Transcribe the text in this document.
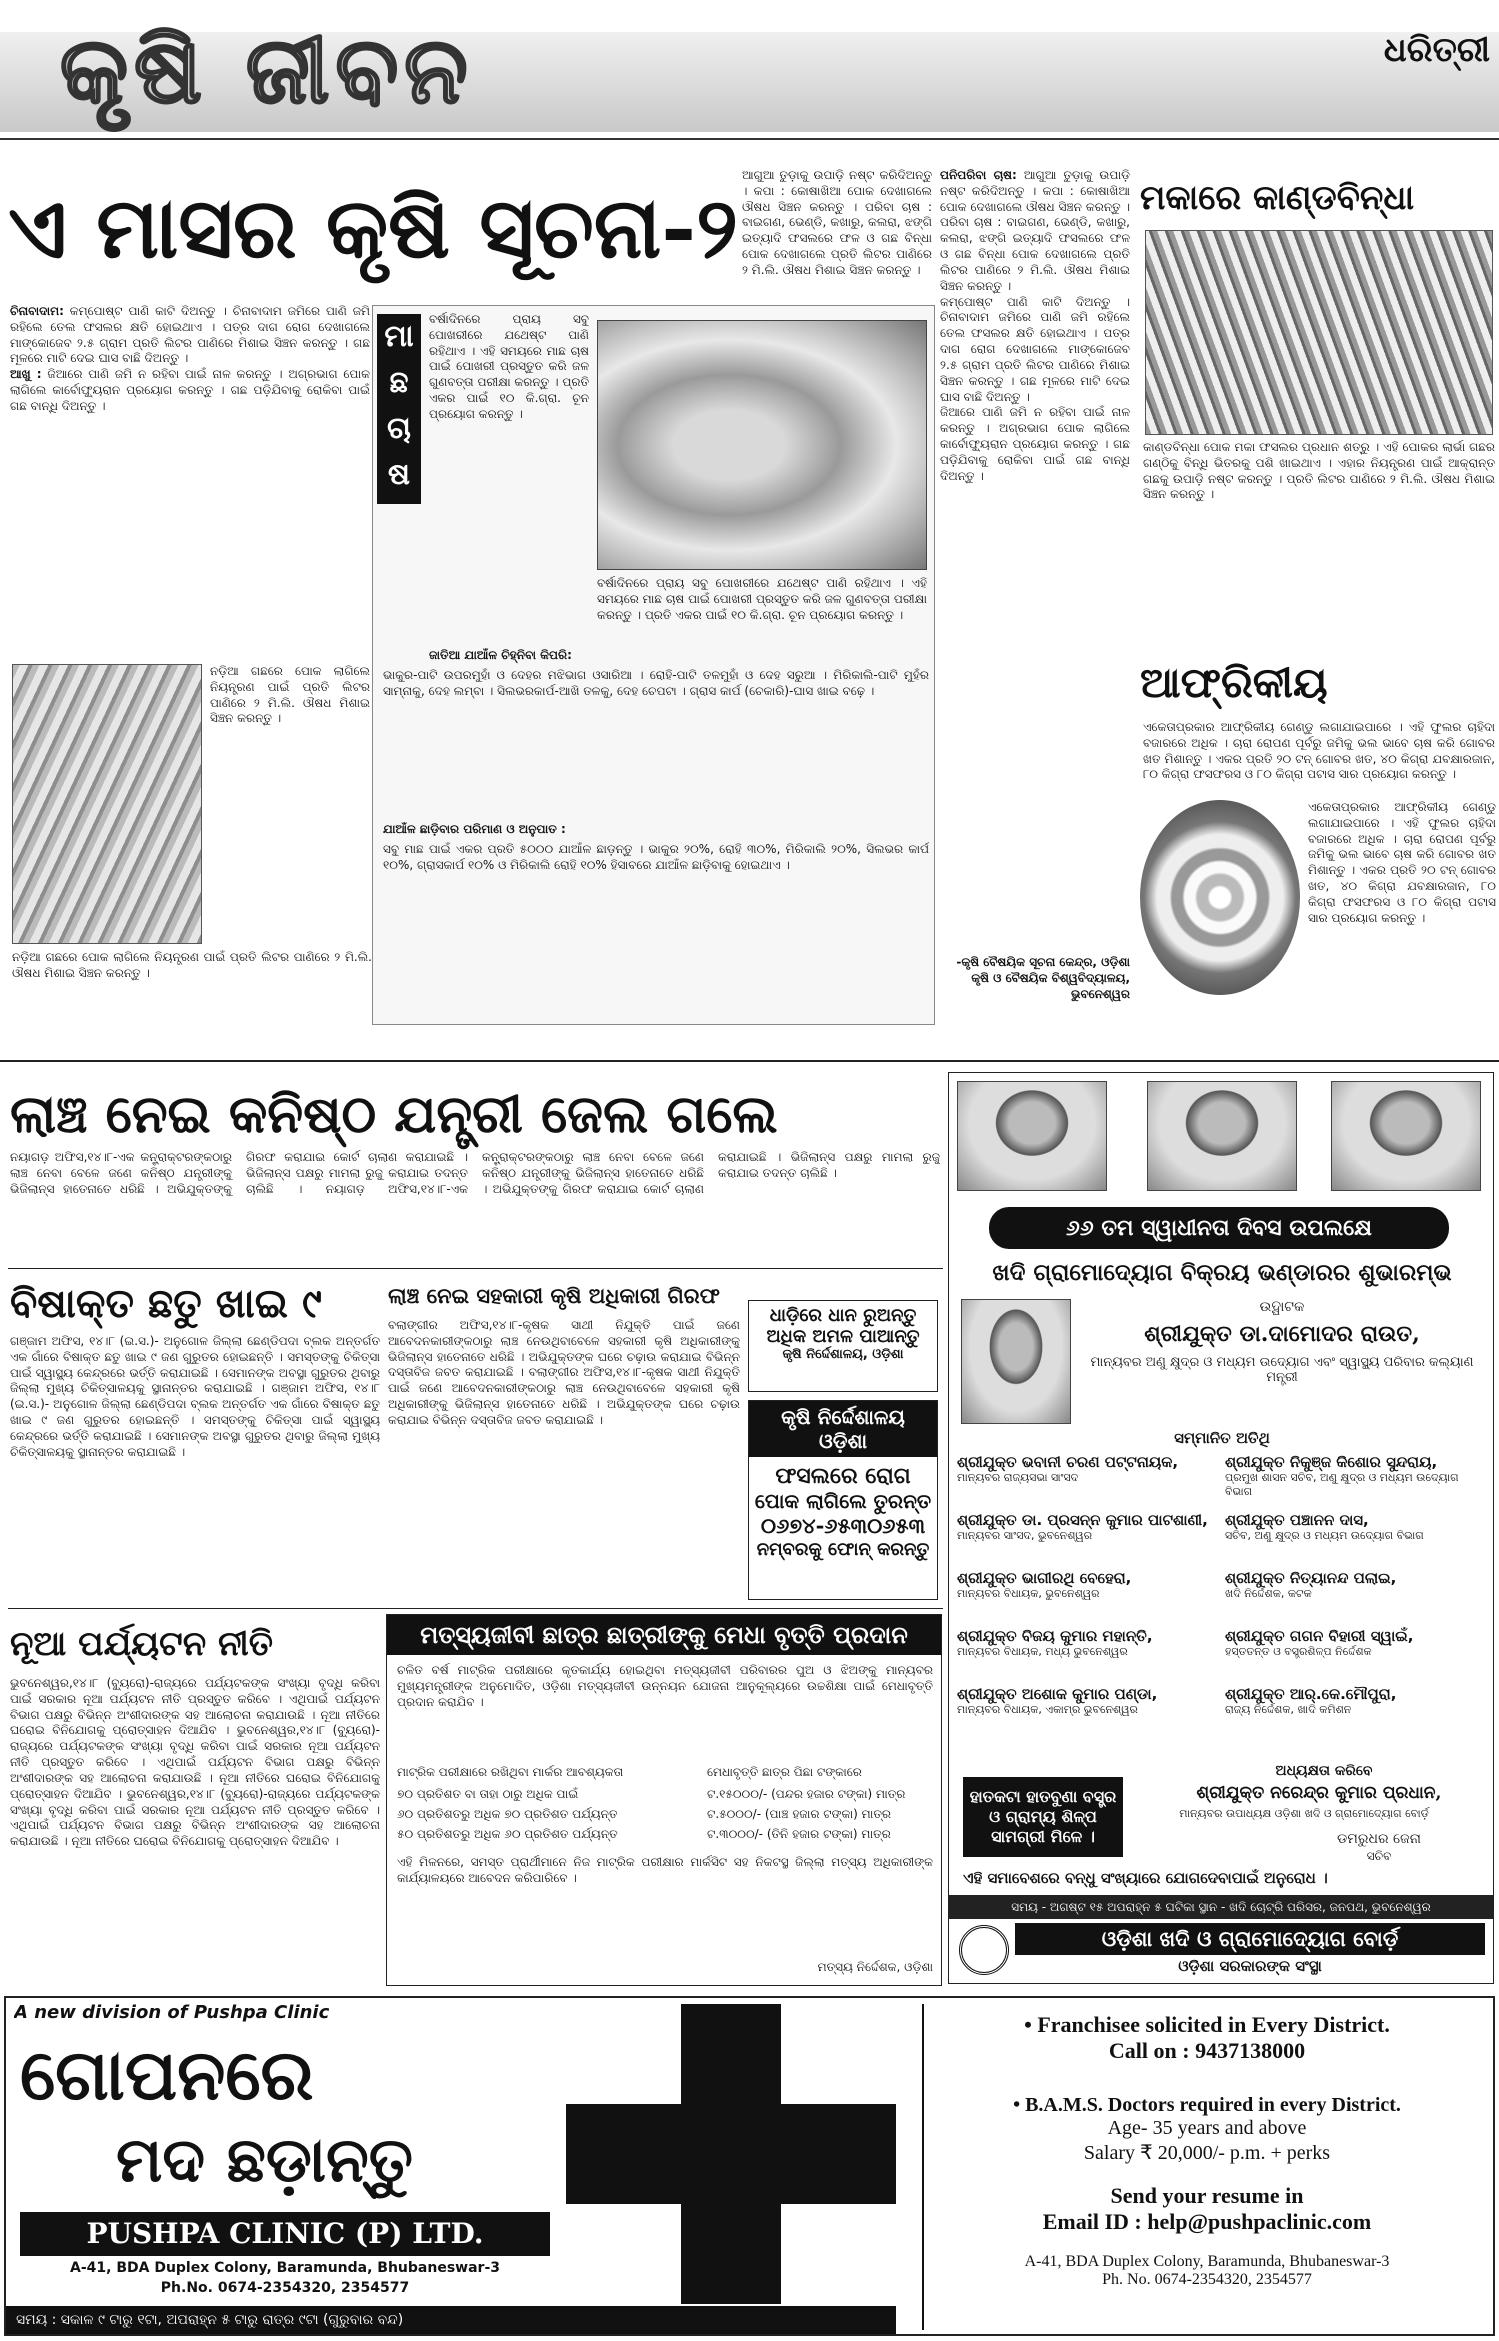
କୃଷି ଜୀବନ	ଧରିତ୍ରୀ
ଏ ମାସର କୃଷି ସୂଚନା-୨
ଚିନାବାଦାମ: କମ୍ପୋଷ୍ଟ ପାଣି କାଟି ଦିଅନ୍ତୁ । ଚିନାବାଦାମ ଜମିରେ ପାଣି ଜମି ରହିଲେ ତେଲ ଫସଲର କ୍ଷତି ହୋଇଥାଏ । ପତ୍ର ଦାଗ ରୋଗ ଦେଖାଗଲେ ମାଙ୍କୋଜେବ ୨.୫ ଗ୍ରାମ ପ୍ରତି ଲିଟର ପାଣିରେ ମିଶାଇ ସିଞ୍ଚନ କରନ୍ତୁ । ଗଛ ମୂଳରେ ମାଟି ଦେଇ ଘାସ ବାଛି ଦିଅନ୍ତୁ ।
ଆଖୁ : ଜିଆରେ ପାଣି ଜମି ନ ରହିବା ପାଇଁ ନାଳ କରନ୍ତୁ । ଅଗ୍ରଭାଗ ପୋକ ଲାଗିଲେ କାର୍ବୋଫ୍ୟୁରାନ ପ୍ରୟୋଗ କରନ୍ତୁ । ଗଛ ପଡ଼ିଯିବାକୁ ରୋକିବା ପାଇଁ ଗଛ ବାନ୍ଧି ଦିଅନ୍ତୁ ।
ନଡ଼ିଆ ଗଛରେ ପୋକ ଲାଗିଲେ ନିୟନ୍ତ୍ରଣ ପାଇଁ ପ୍ରତି ଲିଟର ପାଣିରେ ୨ ମି.ଲି. ଔଷଧ ମିଶାଇ ସିଞ୍ଚନ କରନ୍ତୁ ।
ନଡ଼ିଆ ଗଛରେ ପୋକ ଲାଗିଲେ ନିୟନ୍ତ୍ରଣ ପାଇଁ ପ୍ରତି ଲିଟର ପାଣିରେ ୨ ମି.ଲି. ଔଷଧ ମିଶାଇ ସିଞ୍ଚନ କରନ୍ତୁ ।
ମା
ଛ
ଚା
ଷ
ବର୍ଷାଦିନରେ ପ୍ରାୟ ସବୁ ପୋଖରୀରେ ଯଥେଷ୍ଟ ପାଣି ରହିଥାଏ । ଏହି ସମୟରେ ମାଛ ଚାଷ ପାଇଁ ପୋଖରୀ ପ୍ରସ୍ତୁତ କରି ଜଳ ଗୁଣବତ୍ତା ପରୀକ୍ଷା କରନ୍ତୁ । ପ୍ରତି ଏକର ପାଇଁ ୧୦ କି.ଗ୍ରା. ଚୂନ ପ୍ରୟୋଗ କରନ୍ତୁ ।
ବର୍ଷାଦିନରେ ପ୍ରାୟ ସବୁ ପୋଖରୀରେ ଯଥେଷ୍ଟ ପାଣି ରହିଥାଏ । ଏହି ସମୟରେ ମାଛ ଚାଷ ପାଇଁ ପୋଖରୀ ପ୍ରସ୍ତୁତ କରି ଜଳ ଗୁଣବତ୍ତା ପରୀକ୍ଷା କରନ୍ତୁ । ପ୍ରତି ଏକର ପାଇଁ ୧୦ କି.ଗ୍ରା. ଚୂନ ପ୍ରୟୋଗ କରନ୍ତୁ ।
ଜାତିଆ ଯାଆଁଳ ଚିହ୍ନିବା କିପରି:
ଭାକୁର-ପାଟି ଉପରମୁହାଁ ଓ ଦେହର ମଝିଭାଗ ଓସାରିଆ । ରୋହି-ପାଟି ତଳମୁହାଁ ଓ ଦେହ ସରୁଆ । ମିରିକାଲି-ପାଟି ମୁହଁର ସାମ୍ନାକୁ, ଦେହ ଲମ୍ବା । ସିଲଭରକାର୍ପ-ଆଖି ତଳକୁ, ଦେହ ଚେପଟା । ଗ୍ରାସ କାର୍ପ (ଚେକାରି)-ଘାସ ଖାଇ ବଢ଼େ ।
ଯାଆଁଳ ଛାଡ଼ିବାର ପରିମାଣ ଓ ଅନୁପାତ :
ସବୁ ମାଛ ପାଇଁ ଏକର ପ୍ରତି ୫୦୦୦ ଯାଆଁଳ ଛାଡ଼ନ୍ତୁ । ଭାକୁର ୨୦%, ରୋହି ୩୦%, ମିରିକାଲି ୨୦%, ସିଲଭର କାର୍ପ ୧୦%, ଗ୍ରାସକାର୍ପ ୧୦% ଓ ମିରିକାଲି ରୋହି ୧୦% ହିସାବରେ ଯାଆଁଳ ଛାଡ଼ିବାକୁ ହୋଇଥାଏ ।
ଆଗୁଆ ତୁଡ଼ାକୁ ଉପାଡ଼ି ନଷ୍ଟ କରିଦିଅନ୍ତୁ । କପା : କୋଷାଖିଆ ପୋକ ଦେଖାଗଲେ ଔଷଧ ସିଞ୍ଚନ କରନ୍ତୁ । ପରିବା ଚାଷ : ବାଇଗଣ, ଭେଣ୍ଡି, କଖାରୁ, କଲରା, ଝଙ୍ଗି ଇତ୍ୟାଦି ଫସଲରେ ଫଳ ଓ ଗଛ ବିନ୍ଧା ପୋକ ଦେଖାଗଲେ ପ୍ରତି ଲିଟର ପାଣିରେ ୨ ମି.ଲି. ଔଷଧ ମିଶାଇ ସିଞ୍ଚନ କରନ୍ତୁ ।
ପନିପରିବା ଚାଷ: ଆଗୁଆ ତୁଡ଼ାକୁ ଉପାଡ଼ି ନଷ୍ଟ କରିଦିଅନ୍ତୁ । କପା : କୋଷାଖିଆ ପୋକ ଦେଖାଗଲେ ଔଷଧ ସିଞ୍ଚନ କରନ୍ତୁ । ପରିବା ଚାଷ : ବାଇଗଣ, ଭେଣ୍ଡି, କଖାରୁ, କଲରା, ଝଙ୍ଗି ଇତ୍ୟାଦି ଫସଲରେ ଫଳ ଓ ଗଛ ବିନ୍ଧା ପୋକ ଦେଖାଗଲେ ପ୍ରତି ଲିଟର ପାଣିରେ ୨ ମି.ଲି. ଔଷଧ ମିଶାଇ ସିଞ୍ଚନ କରନ୍ତୁ ।
କମ୍ପୋଷ୍ଟ ପାଣି କାଟି ଦିଅନ୍ତୁ । ଚିନାବାଦାମ ଜମିରେ ପାଣି ଜମି ରହିଲେ ତେଲ ଫସଲର କ୍ଷତି ହୋଇଥାଏ । ପତ୍ର ଦାଗ ରୋଗ ଦେଖାଗଲେ ମାଙ୍କୋଜେବ ୨.୫ ଗ୍ରାମ ପ୍ରତି ଲିଟର ପାଣିରେ ମିଶାଇ ସିଞ୍ଚନ କରନ୍ତୁ । ଗଛ ମୂଳରେ ମାଟି ଦେଇ ଘାସ ବାଛି ଦିଅନ୍ତୁ ।
ଜିଆରେ ପାଣି ଜମି ନ ରହିବା ପାଇଁ ନାଳ କରନ୍ତୁ । ଅଗ୍ରଭାଗ ପୋକ ଲାଗିଲେ କାର୍ବୋଫ୍ୟୁରାନ ପ୍ରୟୋଗ କରନ୍ତୁ । ଗଛ ପଡ଼ିଯିବାକୁ ରୋକିବା ପାଇଁ ଗଛ ବାନ୍ଧି ଦିଅନ୍ତୁ ।
-କୃଷି ବୈଷୟିକ ସୂଚନା କେନ୍ଦ୍ର, ଓଡ଼ିଶା କୃଷି ଓ ବୈଷୟିକ ବିଶ୍ୱବିଦ୍ୟାଳୟ, ଭୁବନେଶ୍ୱର
ମକାରେ କାଣ୍ଡବିନ୍ଧା
କାଣ୍ଡବିନ୍ଧା ପୋକ ମକା ଫସଲର ପ୍ରଧାନ ଶତ୍ରୁ । ଏହି ପୋକର ଲାର୍ଭା ଗଛର ଗଣ୍ଠିକୁ ବିନ୍ଧି ଭିତରକୁ ପଶି ଖାଇଥାଏ । ଏହାର ନିୟନ୍ତ୍ରଣ ପାଇଁ ଆକ୍ରାନ୍ତ ଗଛକୁ ଉପାଡ଼ି ନଷ୍ଟ କରନ୍ତୁ । ପ୍ରତି ଲିଟର ପାଣିରେ ୨ ମି.ଲି. ଔଷଧ ମିଶାଇ ସିଞ୍ଚନ କରନ୍ତୁ ।
ଆଫ୍ରିକୀୟ
ଏକେତାପ୍ରକାର ଆଫ୍ରିକୀୟ ଗେଣ୍ଡୁ ଲଗାଯାଇପାରେ । ଏହି ଫୁଲର ଚାହିଦା ବଜାରରେ ଅଧିକ । ଚାରା ରୋପଣ ପୂର୍ବରୁ ଜମିକୁ ଭଲ ଭାବେ ଚାଷ କରି ଗୋବର ଖତ ମିଶାନ୍ତୁ । ଏକର ପ୍ରତି ୨୦ ଟନ୍ ଗୋବର ଖତ, ୪୦ କିଗ୍ରା ଯବକ୍ଷାରଜାନ, ୮୦ କିଗ୍ରା ଫସଫରସ ଓ ୮୦ କିଗ୍ରା ପଟାସ ସାର ପ୍ରୟୋଗ କରନ୍ତୁ ।
ଏକେତାପ୍ରକାର ଆଫ୍ରିକୀୟ ଗେଣ୍ଡୁ ଲଗାଯାଇପାରେ । ଏହି ଫୁଲର ଚାହିଦା ବଜାରରେ ଅଧିକ । ଚାରା ରୋପଣ ପୂର୍ବରୁ ଜମିକୁ ଭଲ ଭାବେ ଚାଷ କରି ଗୋବର ଖତ ମିଶାନ୍ତୁ । ଏକର ପ୍ରତି ୨୦ ଟନ୍ ଗୋବର ଖତ, ୪୦ କିଗ୍ରା ଯବକ୍ଷାରଜାନ, ୮୦ କିଗ୍ରା ଫସଫରସ ଓ ୮୦ କିଗ୍ରା ପଟାସ ସାର ପ୍ରୟୋଗ କରନ୍ତୁ ।
ଲାଞ୍ଚ ନେଇ କନିଷ୍ଠ ଯନ୍ତ୍ରୀ ଜେଲ ଗଲେ
ନୟାଗଡ଼ ଅଫିସ,୧୪।୮-ଏକ କନ୍ଟ୍ରାକ୍ଟରଙ୍କଠାରୁ ଲାଞ୍ଚ ନେବା ବେଳେ ଜଣେ କନିଷ୍ଠ ଯନ୍ତ୍ରୀଙ୍କୁ ଭିଜିଲାନ୍ସ ହାତେନାତେ ଧରିଛି । ଅଭିଯୁକ୍ତଙ୍କୁ ଗିରଫ କରାଯାଇ କୋର୍ଟ ଚାଲାଣ କରାଯାଇଛି । ଭିଜିଲାନ୍ସ ପକ୍ଷରୁ ମାମଲା ରୁଜୁ କରାଯାଇ ତଦନ୍ତ ଚାଲିଛି । ନୟାଗଡ଼ ଅଫିସ,୧୪।୮-ଏକ କନ୍ଟ୍ରାକ୍ଟରଙ୍କଠାରୁ ଲାଞ୍ଚ ନେବା ବେଳେ ଜଣେ କନିଷ୍ଠ ଯନ୍ତ୍ରୀଙ୍କୁ ଭିଜିଲାନ୍ସ ହାତେନାତେ ଧରିଛି । ଅଭିଯୁକ୍ତଙ୍କୁ ଗିରଫ କରାଯାଇ କୋର୍ଟ ଚାଲାଣ କରାଯାଇଛି । ଭିଜିଲାନ୍ସ ପକ୍ଷରୁ ମାମଲା ରୁଜୁ କରାଯାଇ ତଦନ୍ତ ଚାଲିଛି ।
ବିଷାକ୍ତ ଛତୁ ଖାଇ ୯
ଗଞ୍ଜାମ ଅଫିସ, ୧୪।୮ (ଇ.ସ.)- ଅନୁଗୋଳ ଜିଲ୍ଲା ଛେଣ୍ଡିପଦା ବ୍ଲକ ଅନ୍ତର୍ଗତ ଏକ ଗାଁରେ ବିଷାକ୍ତ ଛତୁ ଖାଇ ୯ ଜଣ ଗୁରୁତର ହୋଇଛନ୍ତି । ସମସ୍ତଙ୍କୁ ଚିକିତ୍ସା ପାଇଁ ସ୍ୱାସ୍ଥ୍ୟ କେନ୍ଦ୍ରରେ ଭର୍ତ୍ତି କରାଯାଇଛି । ସେମାନଙ୍କ ଅବସ୍ଥା ଗୁରୁତର ଥିବାରୁ ଜିଲ୍ଲା ମୁଖ୍ୟ ଚିକିତ୍ସାଳୟକୁ ସ୍ଥାନାନ୍ତର କରାଯାଇଛି । ଗଞ୍ଜାମ ଅଫିସ, ୧୪।୮ (ଇ.ସ.)- ଅନୁଗୋଳ ଜିଲ୍ଲା ଛେଣ୍ଡିପଦା ବ୍ଲକ ଅନ୍ତର୍ଗତ ଏକ ଗାଁରେ ବିଷାକ୍ତ ଛତୁ ଖାଇ ୯ ଜଣ ଗୁରୁତର ହୋଇଛନ୍ତି । ସମସ୍ତଙ୍କୁ ଚିକିତ୍ସା ପାଇଁ ସ୍ୱାସ୍ଥ୍ୟ କେନ୍ଦ୍ରରେ ଭର୍ତ୍ତି କରାଯାଇଛି । ସେମାନଙ୍କ ଅବସ୍ଥା ଗୁରୁତର ଥିବାରୁ ଜିଲ୍ଲା ମୁଖ୍ୟ ଚିକିତ୍ସାଳୟକୁ ସ୍ଥାନାନ୍ତର କରାଯାଇଛି ।
ଲାଞ୍ଚ ନେଇ ସହକାରୀ କୃଷି ଅଧିକାରୀ ଗିରଫ
ବଲାଙ୍ଗୀର ଅଫିସ,୧୪।୮-କୃଷକ ସାଥୀ ନିଯୁକ୍ତି ପାଇଁ ଜଣେ ଆବେଦନକାରୀଙ୍କଠାରୁ ଲାଞ୍ଚ ନେଉଥିବାବେଳେ ସହକାରୀ କୃଷି ଅଧିକାରୀଙ୍କୁ ଭିଜିଲାନ୍ସ ହାତେନାତେ ଧରିଛି । ଅଭିଯୁକ୍ତଙ୍କ ଘରେ ଚଢ଼ାଉ କରାଯାଇ ବିଭିନ୍ନ ଦସ୍ତାବିଜ ଜବତ କରାଯାଇଛି । ବଲାଙ୍ଗୀର ଅଫିସ,୧୪।୮-କୃଷକ ସାଥୀ ନିଯୁକ୍ତି ପାଇଁ ଜଣେ ଆବେଦନକାରୀଙ୍କଠାରୁ ଲାଞ୍ଚ ନେଉଥିବାବେଳେ ସହକାରୀ କୃଷି ଅଧିକାରୀଙ୍କୁ ଭିଜିଲାନ୍ସ ହାତେନାତେ ଧରିଛି । ଅଭିଯୁକ୍ତଙ୍କ ଘରେ ଚଢ଼ାଉ କରାଯାଇ ବିଭିନ୍ନ ଦସ୍ତାବିଜ ଜବତ କରାଯାଇଛି ।
ଧାଡ଼ିରେ ଧାନ ରୁଅନ୍ତୁ
ଅଧିକ ଅମଳ ପାଆନ୍ତୁ
କୃଷି ନିର୍ଦ୍ଦେଶାଳୟ, ଓଡ଼ିଶା
କୃଷି ନିର୍ଦ୍ଦେଶାଳୟ
ଓଡ଼ିଶା
ଫସଲରେ ରୋଗ
ପୋକ ଲାଗିଲେ ତୁରନ୍ତ
୦୬୭୪-୬୫୩୦୬୫୩
ନମ୍ବରକୁ ଫୋନ୍ କରନ୍ତୁ
ନୂଆ ପର୍ଯ୍ୟଟନ ନୀତି
ଭୁବନେଶ୍ୱର,୧୪।୮ (ବ୍ୟୁରୋ)-ରାଜ୍ୟରେ ପର୍ଯ୍ୟଟକଙ୍କ ସଂଖ୍ୟା ବୃଦ୍ଧି କରିବା ପାଇଁ ସରକାର ନୂଆ ପର୍ଯ୍ୟଟନ ନୀତି ପ୍ରସ୍ତୁତ କରିବେ । ଏଥିପାଇଁ ପର୍ଯ୍ୟଟନ ବିଭାଗ ପକ୍ଷରୁ ବିଭିନ୍ନ ଅଂଶୀଦାରଙ୍କ ସହ ଆଲୋଚନା କରାଯାଉଛି । ନୂଆ ନୀତିରେ ଘରୋଇ ବିନିଯୋଗକୁ ପ୍ରୋତ୍ସାହନ ଦିଆଯିବ । ଭୁବନେଶ୍ୱର,୧୪।୮ (ବ୍ୟୁରୋ)-ରାଜ୍ୟରେ ପର୍ଯ୍ୟଟକଙ୍କ ସଂଖ୍ୟା ବୃଦ୍ଧି କରିବା ପାଇଁ ସରକାର ନୂଆ ପର୍ଯ୍ୟଟନ ନୀତି ପ୍ରସ୍ତୁତ କରିବେ । ଏଥିପାଇଁ ପର୍ଯ୍ୟଟନ ବିଭାଗ ପକ୍ଷରୁ ବିଭିନ୍ନ ଅଂଶୀଦାରଙ୍କ ସହ ଆଲୋଚନା କରାଯାଉଛି । ନୂଆ ନୀତିରେ ଘରୋଇ ବିନିଯୋଗକୁ ପ୍ରୋତ୍ସାହନ ଦିଆଯିବ । ଭୁବନେଶ୍ୱର,୧୪।୮ (ବ୍ୟୁରୋ)-ରାଜ୍ୟରେ ପର୍ଯ୍ୟଟକଙ୍କ ସଂଖ୍ୟା ବୃଦ୍ଧି କରିବା ପାଇଁ ସରକାର ନୂଆ ପର୍ଯ୍ୟଟନ ନୀତି ପ୍ରସ୍ତୁତ କରିବେ । ଏଥିପାଇଁ ପର୍ଯ୍ୟଟନ ବିଭାଗ ପକ୍ଷରୁ ବିଭିନ୍ନ ଅଂଶୀଦାରଙ୍କ ସହ ଆଲୋଚନା କରାଯାଉଛି । ନୂଆ ନୀତିରେ ଘରୋଇ ବିନିଯୋଗକୁ ପ୍ରୋତ୍ସାହନ ଦିଆଯିବ ।
ମତ୍ସ୍ୟଜୀବୀ ଛାତ୍ର ଛାତ୍ରୀଙ୍କୁ ମେଧା ବୃତ୍ତି ପ୍ରଦାନ
ଚଳିତ ବର୍ଷ ମାଟ୍ରିକ ପରୀକ୍ଷାରେ କୃତକାର୍ଯ୍ୟ ହୋଇଥିବା ମତ୍ସ୍ୟଜୀବୀ ପରିବାରର ପୁଅ ଓ ଝିଅଙ୍କୁ ମାନ୍ୟବର ମୁଖ୍ୟମନ୍ତ୍ରୀଙ୍କ ଅନୁମୋଦିତ, ଓଡ଼ିଶା ମତ୍ସ୍ୟଜୀବୀ ଉନ୍ନୟନ ଯୋଜନା ଆନୁକୂଲ୍ୟରେ ଉଚ୍ଚଶିକ୍ଷା ପାଇଁ ମେଧାବୃତ୍ତି ପ୍ରଦାନ କରାଯିବ ।
ମାଟ୍ରିକ ପରୀକ୍ଷାରେ ରଖିଥିବା ମାର୍କର ଆବଶ୍ୟକତା	ମେଧାବୃତ୍ତି ଛାତ୍ର ପିଛା ଟଙ୍କାରେ
୭୦ ପ୍ରତିଶତ ବା ତାହା ଠାରୁ ଅଧିକ ପାଇଁ	ଟ.୧୫୦୦୦/- (ପନ୍ଦର ହଜାର ଟଙ୍କା) ମାତ୍ର
୬୦ ପ୍ରତିଶତରୁ ଅଧିକ ୭୦ ପ୍ରତିଶତ ପର୍ଯ୍ୟନ୍ତ	ଟ.୫୦୦୦/- (ପାଞ୍ଚ ହଜାର ଟଙ୍କା) ମାତ୍ର
୫୦ ପ୍ରତିଶତରୁ ଅଧିକ ୬୦ ପ୍ରତିଶତ ପର୍ଯ୍ୟନ୍ତ	ଟ.୩୦୦୦/- (ତିନି ହଜାର ଟଙ୍କା) ମାତ୍ର
ଏହି ମିଳନରେ, ସମସ୍ତ ପ୍ରାର୍ଥୀମାନେ ନିଜ ମାଟ୍ରିକ ପରୀକ୍ଷାର ମାର୍କସିଟ ସହ ନିକଟସ୍ଥ ଜିଲ୍ଲା ମତ୍ସ୍ୟ ଅଧିକାରୀଙ୍କ କାର୍ଯ୍ୟାଳୟରେ ଆବେଦନ କରିପାରିବେ ।
ମତ୍ସ୍ୟ ନିର୍ଦ୍ଦେଶକ, ଓଡ଼ିଶା
୬୬ ତମ ସ୍ୱାଧୀନତା ଦିବସ ଉପଲକ୍ଷେ
ଖଦି ଗ୍ରାମୋଦ୍ୟୋଗ ବିକ୍ରୟ ଭଣ୍ଡାରର ଶୁଭାରମ୍ଭ
ଉଦ୍ଘାଟକ
ଶ୍ରୀଯୁକ୍ତ ଡା.ଦାମୋଦର ରାଉତ,
ମାନ୍ୟବର ଅଣୁ କ୍ଷୁଦ୍ର ଓ ମଧ୍ୟମ ଉଦ୍ୟୋଗ ଏବଂ ସ୍ୱାସ୍ଥ୍ୟ ପରିବାର କଲ୍ୟାଣ ମନ୍ତ୍ରୀ
ସମ୍ମାନିତ ଅତିଥି
ଶ୍ରୀଯୁକ୍ତ ଭବାନୀ ଚରଣ ପଟ୍ଟନାୟକ,
ମାନ୍ୟବର ରାଜ୍ୟସଭା ସାଂସଦ
ଶ୍ରୀଯୁକ୍ତ ନିକୁଞ୍ଜ କିଶୋର ସୁନ୍ଦରାୟ,
ପ୍ରମୁଖ ଶାସନ ସଚିବ, ଅଣୁ କ୍ଷୁଦ୍ର ଓ ମଧ୍ୟମ ଉଦ୍ୟୋଗ ବିଭାଗ
ଶ୍ରୀଯୁକ୍ତ ଡା. ପ୍ରସନ୍ନ କୁମାର ପାଟଶାଣୀ,
ମାନ୍ୟବର ସାଂସଦ, ଭୁବନେଶ୍ୱର
ଶ୍ରୀଯୁକ୍ତ ପଞ୍ଚାନନ ଦାସ,
ସଚିବ, ଅଣୁ କ୍ଷୁଦ୍ର ଓ ମଧ୍ୟମ ଉଦ୍ୟୋଗ ବିଭାଗ
ଶ୍ରୀଯୁକ୍ତ ଭାଗୀରଥି ବେହେରା,
ମାନ୍ୟବର ବିଧାୟକ, ଭୁବନେଶ୍ୱର
ଶ୍ରୀଯୁକ୍ତ ନିତ୍ୟାନନ୍ଦ ପଲାଇ,
ଖଦି ନିର୍ଦ୍ଦେଶକ, କଟକ
ଶ୍ରୀଯୁକ୍ତ ବିଜୟ କୁମାର ମହାନ୍ତି,
ମାନ୍ୟବର ବିଧାୟକ, ମଧ୍ୟ ଭୁବନେଶ୍ୱର
ଶ୍ରୀଯୁକ୍ତ ଗଗନ ବିହାରୀ ସ୍ୱାଇଁ,
ହସ୍ତତନ୍ତ ଓ ବସ୍ତ୍ରଶିଳ୍ପ ନିର୍ଦ୍ଦେଶକ
ଶ୍ରୀଯୁକ୍ତ ଅଶୋକ କୁମାର ପଣ୍ଡା,
ମାନ୍ୟବର ବିଧାୟକ, ଏକାମ୍ର ଭୁବନେଶ୍ୱର
ଶ୍ରୀଯୁକ୍ତ ଆର୍.କେ.ମୌପୁରା,
ରାଜ୍ୟ ନିର୍ଦ୍ଦେଶକ, ଖାଦି କମିଶନ
ଅଧ୍ୟକ୍ଷତା କରିବେ
ଶ୍ରୀଯୁକ୍ତ ନରେନ୍ଦ୍ର କୁମାର ପ୍ରଧାନ,
ମାନ୍ୟବର ଉପାଧ୍ୟକ୍ଷ ଓଡ଼ିଶା ଖଦି ଓ ଗ୍ରାମୋଦ୍ୟୋଗ ବୋର୍ଡ଼
ଡମରୁଧର ଜେନା
ସଚିବ
ହାତକଟା ହାତବୁଣା ବସ୍ତ୍ର ଓ ଗ୍ରାମ୍ୟ ଶିଳ୍ପ ସାମଗ୍ରୀ ମିଳେ ।
ଏହି ସମାବେଶରେ ବନ୍ଧୁ ସଂଖ୍ୟାରେ ଯୋଗଦେବାପାଇଁ ଅନୁରୋଧ ।
ସମୟ - ଅଗଷ୍ଟ ୧୫ ଅପରାହ୍ନ ୫ ଘଟିକା ସ୍ଥାନ - ଖଦି ଚୋଟ୍ରି ପରିସର, ଜନପଥ, ଭୁବନେଶ୍ୱର
ଓଡ଼ିଶା ଖଦି ଓ ଗ୍ରାମୋଦ୍ୟୋଗ ବୋର୍ଡ଼
ଓଡ଼ିଶା ସରକାରଙ୍କ ସଂସ୍ଥା
A new division of Pushpa Clinic
ଗୋପନରେ
ମଦ ଛଡ଼ାନ୍ତୁ
PUSHPA CLINIC (P) LTD.
A-41, BDA Duplex Colony, Baramunda, Bhubaneswar-3
Ph.No. 0674-2354320, 2354577
ସମୟ : ସକାଳ ୯ ଟାରୁ ୧ଟା, ଅପରାହ୍ନ ୫ ଟାରୁ ରାତ୍ର ୯ଟା (ଗୁରୁବାର ବନ୍ଦ)
• Franchisee solicited in Every District.
Call on : 9437138000
• B.A.M.S. Doctors required in every District.
Age- 35 years and above
Salary ₹ 20,000/- p.m. + perks
Send your resume in
Email ID : help@pushpaclinic.com
A-41, BDA Duplex Colony, Baramunda, Bhubaneswar-3
Ph. No. 0674-2354320, 2354577
